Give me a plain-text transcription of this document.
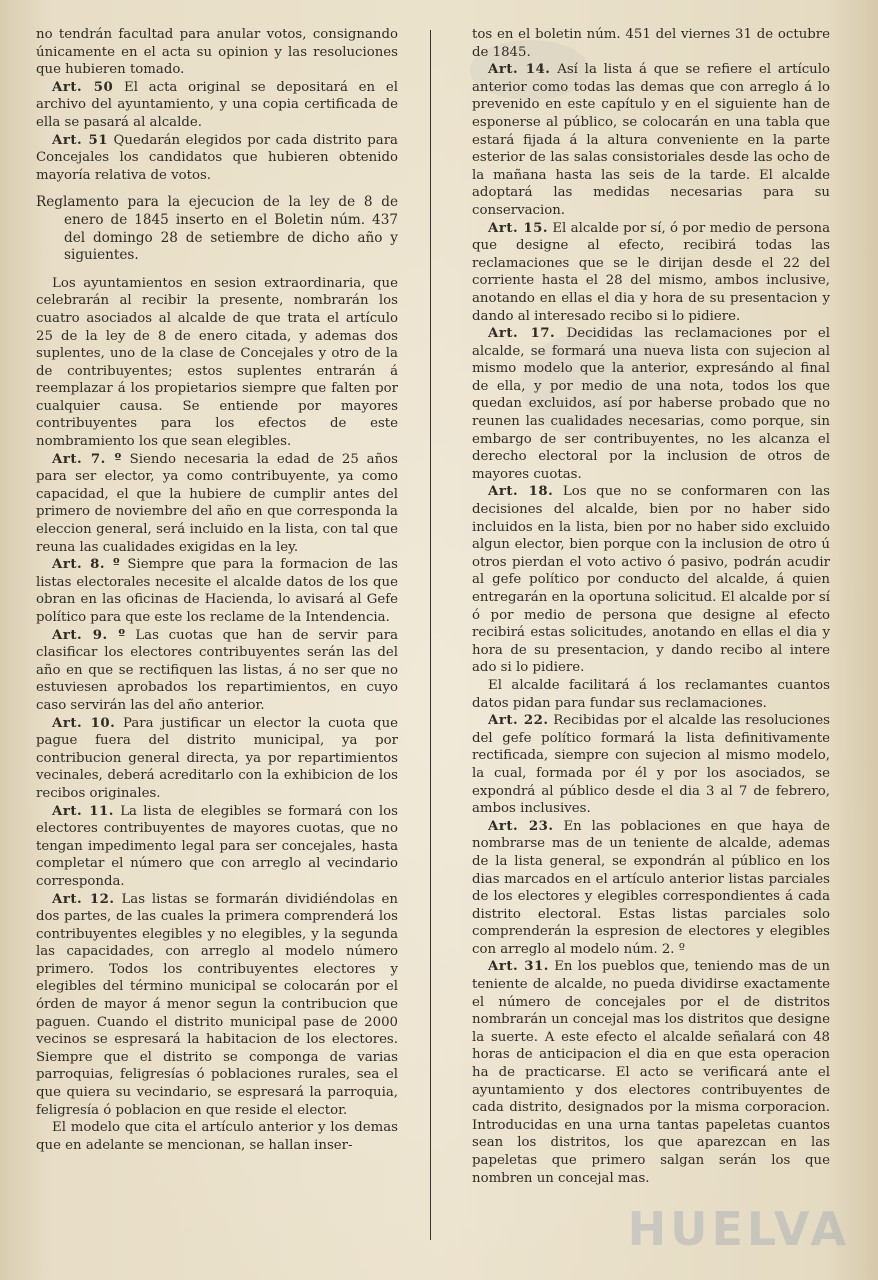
no tendrán facultad para anular votos, consignando únicamente en el acta su opinion y las resoluciones que hubieren tomado.

Art. 50 El acta original se depositará en el archivo del ayuntamiento, y una copia certificada de ella se pasará al alcalde.

Art. 51 Quedarán elegidos por cada distrito para Concejales los candidatos que hubieren obtenido mayoría relativa de votos.

Reglamento para la ejecucion de la ley de 8 de enero de 1845 inserto en el Boletin núm. 437 del domingo 28 de setiembre de dicho año y siguientes.

Los ayuntamientos en sesion extraordinaria, que celebrarán al recibir la presente, nombrarán los cuatro asociados al alcalde de que trata el artículo 25 de la ley de 8 de enero citada, y ademas dos suplentes, uno de la clase de Concejales y otro de la de contribuyentes; estos suplentes entrarán á reemplazar á los propietarios siempre que falten por cualquier causa. Se entiende por mayores contribuyentes para los efectos de este nombramiento los que sean elegibles.

Art. 7. º Siendo necesaria la edad de 25 años para ser elector, ya como contribuyente, ya como capacidad, el que la hubiere de cumplir antes del primero de noviembre del año en que corresponda la eleccion general, será incluido en la lista, con tal que reuna las cualidades exigidas en la ley.

Art. 8. º Siempre que para la formacion de las listas electorales necesite el alcalde datos de los que obran en las oficinas de Hacienda, lo avisará al Gefe político para que este los reclame de la Intendencia.

Art. 9. º Las cuotas que han de servir para clasificar los electores contribuyentes serán las del año en que se rectifiquen las listas, á no ser que no estuviesen aprobados los repartimientos, en cuyo caso servirán las del año anterior.

Art. 10. Para justificar un elector la cuota que pague fuera del distrito municipal, ya por contribucion general directa, ya por repartimientos vecinales, deberá acreditarlo con la exhibicion de los recibos originales.

Art. 11. La lista de elegibles se formará con los electores contribuyentes de mayores cuotas, que no tengan impedimento legal para ser concejales, hasta completar el número que con arreglo al vecindario corresponda.

Art. 12. Las listas se formarán dividiéndolas en dos partes, de las cuales la primera comprenderá los contribuyentes elegibles y no elegibles, y la segunda las capacidades, con arreglo al modelo número primero. Todos los contribuyentes electores y elegibles del término municipal se colocarán por el órden de mayor á menor segun la contribucion que paguen. Cuando el distrito municipal pase de 2000 vecinos se espresará la habitacion de los electores. Siempre que el distrito se componga de varias parroquias, feligresías ó poblaciones rurales, sea el que quiera su vecindario, se espresará la parroquia, feligresía ó poblacion en que reside el elector.

El modelo que cita el artículo anterior y los demas que en adelante se mencionan, se hallan inser-

tos en el boletin núm. 451 del viernes 31 de octubre de 1845.

Art. 14. Así la lista á que se refiere el artículo anterior como todas las demas que con arreglo á lo prevenido en este capítulo y en el siguiente han de esponerse al público, se colocarán en una tabla que estará fijada á la altura conveniente en la parte esterior de las salas consistoriales desde las ocho de la mañana hasta las seis de la tarde. El alcalde adoptará las medidas necesarias para su conservacion.

Art. 15. El alcalde por sí, ó por medio de persona que designe al efecto, recibirá todas las reclamaciones que se le dirijan desde el 22 del corriente hasta el 28 del mismo, ambos inclusive, anotando en ellas el dia y hora de su presentacion y dando al interesado recibo si lo pidiere.

Art. 17. Decididas las reclamaciones por el alcalde, se formará una nueva lista con sujecion al mismo modelo que la anterior, expresándo al final de ella, y por medio de una nota, todos los que quedan excluidos, así por haberse probado que no reunen las cualidades necesarias, como porque, sin embargo de ser contribuyentes, no les alcanza el derecho electoral por la inclusion de otros de mayores cuotas.

Art. 18. Los que no se conformaren con las decisiones del alcalde, bien por no haber sido incluidos en la lista, bien por no haber sido excluido algun elector, bien porque con la inclusion de otro ú otros pierdan el voto activo ó pasivo, podrán acudir al gefe político por conducto del alcalde, á quien entregarán en la oportuna solicitud. El alcalde por sí ó por medio de persona que designe al efecto recibirá estas solicitudes, anotando en ellas el dia y hora de su presentacion, y dando recibo al intere ado si lo pidiere.

El alcalde facilitará á los reclamantes cuantos datos pidan para fundar sus reclamaciones.

Art. 22. Recibidas por el alcalde las resoluciones del gefe político formará la lista definitivamente rectificada, siempre con sujecion al mismo modelo, la cual, formada por él y por los asociados, se expondrá al público desde el dia 3 al 7 de febrero, ambos inclusives.

Art. 23. En las poblaciones en que haya de nombrarse mas de un teniente de alcalde, ademas de la lista general, se expondrán al público en los dias marcados en el artículo anterior listas parciales de los electores y elegibles correspondientes á cada distrito electoral. Estas listas parciales solo comprenderán la espresion de electores y elegibles con arreglo al modelo núm. 2. º

Art. 31. En los pueblos que, teniendo mas de un teniente de alcalde, no pueda dividirse exactamente el número de concejales por el de distritos nombrarán un concejal mas los distritos que designe la suerte. A este efecto el alcalde señalará con 48 horas de anticipacion el dia en que esta operacion ha de practicarse. El acto se verificará ante el ayuntamiento y dos electores contribuyentes de cada distrito, designados por la misma corporacion. Introducidas en una urna tantas papeletas cuantos sean los distritos, los que aparezcan en las papeletas que primero salgan serán los que nombren un concejal mas.

HUELVA
